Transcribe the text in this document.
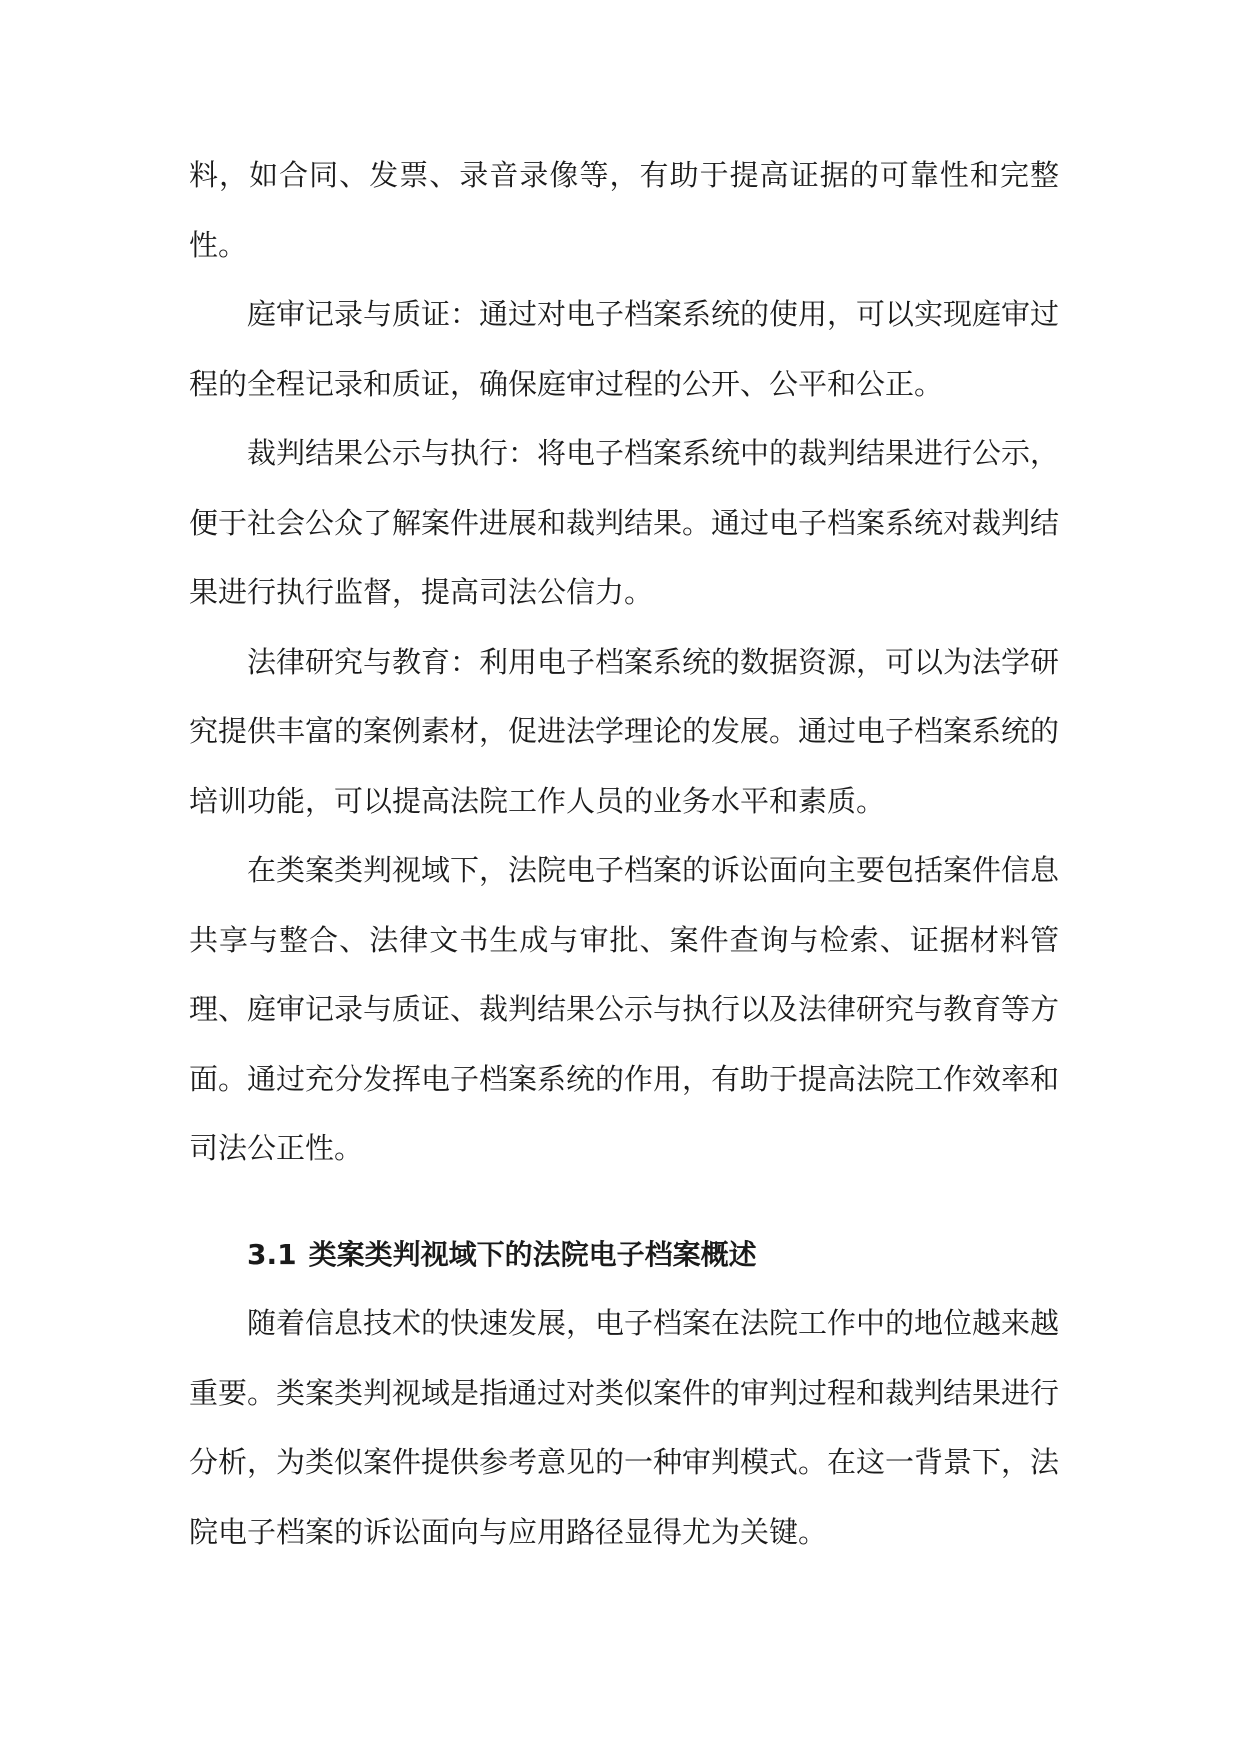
料，如合同、发票、录音录像等，有助于提高证据的可靠性和完整性。

庭审记录与质证：通过对电子档案系统的使用，可以实现庭审过程的全程记录和质证，确保庭审过程的公开、公平和公正。

裁判结果公示与执行：将电子档案系统中的裁判结果进行公示，便于社会公众了解案件进展和裁判结果。通过电子档案系统对裁判结果进行执行监督，提高司法公信力。

法律研究与教育：利用电子档案系统的数据资源，可以为法学研究提供丰富的案例素材，促进法学理论的发展。通过电子档案系统的培训功能，可以提高法院工作人员的业务水平和素质。

在类案类判视域下，法院电子档案的诉讼面向主要包括案件信息共享与整合、法律文书生成与审批、案件查询与检索、证据材料管理、庭审记录与质证、裁判结果公示与执行以及法律研究与教育等方面。通过充分发挥电子档案系统的作用，有助于提高法院工作效率和司法公正性。

3.1 类案类判视域下的法院电子档案概述

随着信息技术的快速发展，电子档案在法院工作中的地位越来越重要。类案类判视域是指通过对类似案件的审判过程和裁判结果进行分析，为类似案件提供参考意见的一种审判模式。在这一背景下，法院电子档案的诉讼面向与应用路径显得尤为关键。
